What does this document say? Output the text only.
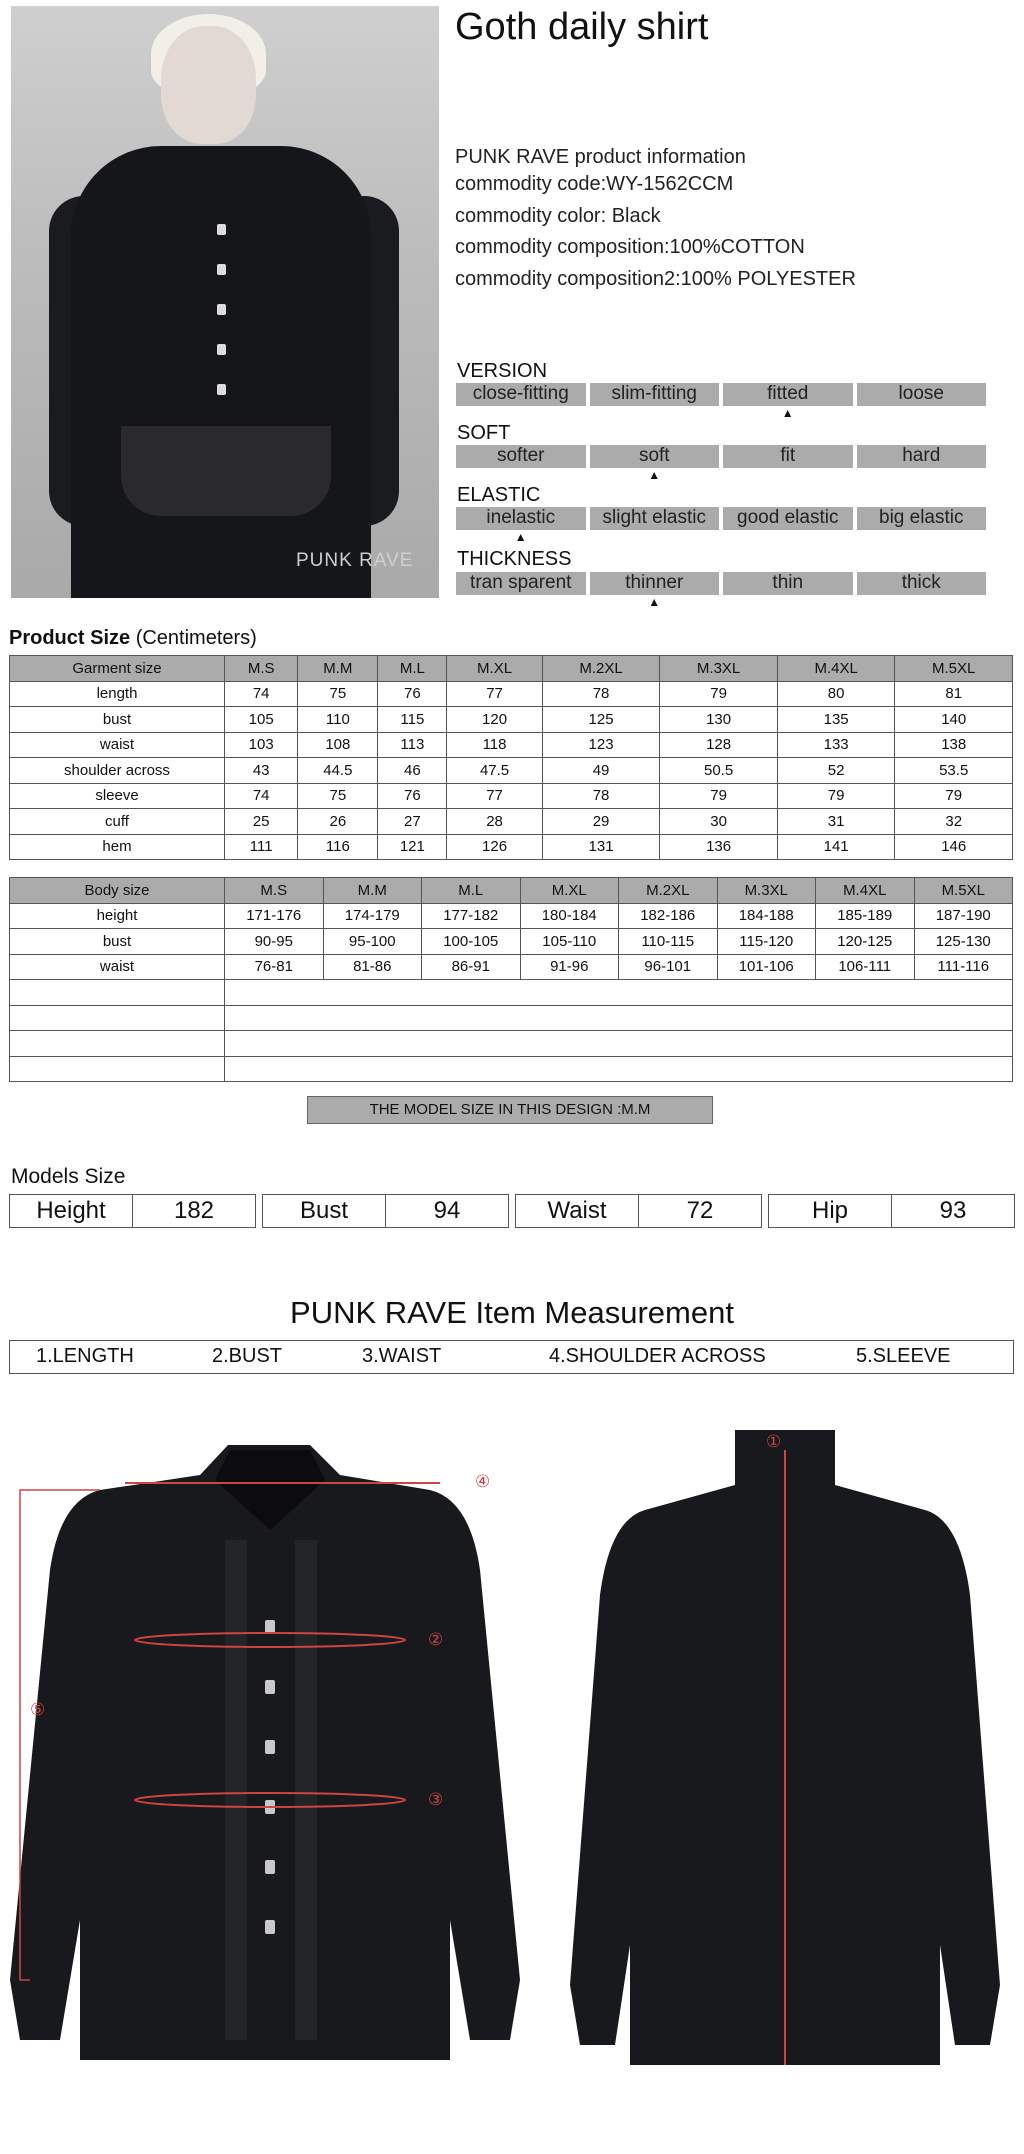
PUNK RAVE
Goth daily shirt
PUNK RAVE product information
commodity code:WY-1562CCM
commodity color: Black
commodity composition:100%COTTON
commodity composition2:100% POLYESTER
VERSION
close-fitting	slim-fitting	fitted ▲	loose
SOFT
softer	soft ▲	fit	hard
ELASTIC
inelastic ▲	slight elastic	good elastic	big elastic
THICKNESS
tran sparent	thinner ▲	thin	thick
Product Size (Centimeters)
Garment size	M.S	M.M	M.L	M.XL	M.2XL	M.3XL	M.4XL	M.5XL
length	74	75	76	77	78	79	80	81
bust	105	110	115	120	125	130	135	140
waist	103	108	113	118	123	128	133	138
shoulder across	43	44.5	46	47.5	49	50.5	52	53.5
sleeve	74	75	76	77	78	79	79	79
cuff	25	26	27	28	29	30	31	32
hem	111	116	121	126	131	136	141	146
Body size	M.S	M.M	M.L	M.XL	M.2XL	M.3XL	M.4XL	M.5XL
height	171-176	174-179	177-182	180-184	182-186	184-188	185-189	187-190
bust	90-95	95-100	100-105	105-110	110-115	115-120	120-125	125-130
waist	76-81	81-86	86-91	91-96	96-101	101-106	106-111	111-116

THE MODEL SIZE IN THIS DESIGN :M.M
Models Size
Height	182	Bust	94	Waist	72	Hip	93
PUNK RAVE Item Measurement
1.LENGTH	2.BUST	3.WAIST	4.SHOULDER ACROSS	5.SLEEVE
④
②
③
⑤
①
